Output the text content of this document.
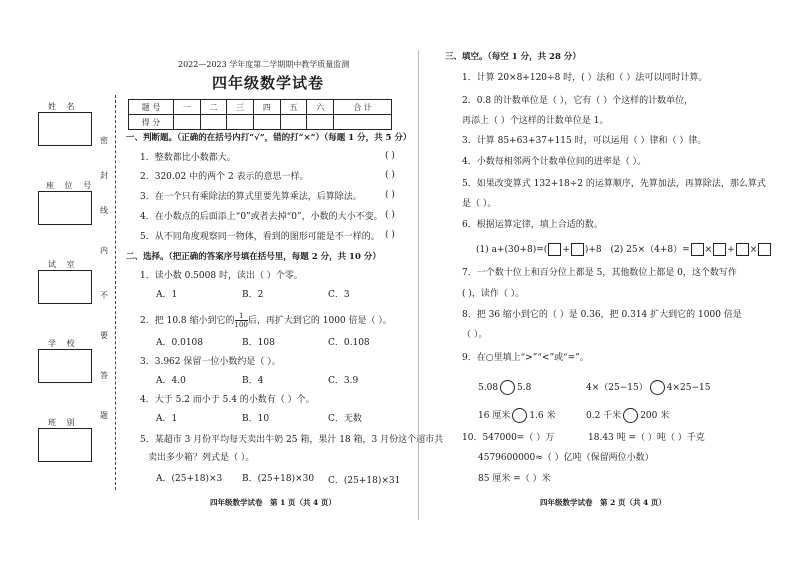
姓 名
座 位 号
试 室
学 校
班 别
密
封
线
内
不
要
答
题
2022—2023 学年度第二学期期中教学质量监测
四年级数学试卷
题 号	一	二	三	四	五	六	合 计
得 分							
一、判断题。（正确的在括号内打“√”，错的打“×”）（每题 1 分，共 5 分）
1．整数都比小数都大。	( )
2．320.02 中的两个 2 表示的意思一样。	( )
3．在一个只有乘除法的算式里要先算乘法，后算除法。	( )
4．在小数点的后面添上“0”或者去掉“0”，小数的大小不变。 ( )
5．从不同角度观察同一物体，看到的图形可能是不一样的。 ( )
二、选择。（把正确的答案序号填在括号里，每题 2 分，共 10 分）
1．读小数 0.5008 时，读出（ ）个零。
A．1	B．2	C．3
2．把 10.8 缩小到它的 $\frac{1}{100}$ 后，再扩大到它的 1000 倍是（ ）。
A．0.0108	B．108	C．0.108
3．3.962 保留一位小数约是（ ）。
A．4.0	B．4	C．3.9
4．大于 5.2 而小于 5.4 的小数有（ ）个。
A．1	B．10	C．无数
5．某超市 3 月份平均每天卖出牛奶 25 箱，果汁 18 箱，3 月份这个超市共
卖出多少箱？列式是（ ）。
A．(25+18)×3 B．(25+18)×30 C．(25+18)×31
四年级数学试卷　第 1 页（共 4 页）
三、填空。（每空 1 分，共 28 分）
1．计算 20×8+120÷8 时，( ）法和（ ）法可以同时计算。
2．0.8 的计数单位是（ ），它有（ ）个这样的计数单位，
再添上（ ）个这样的计数单位是 1。
3．计算 85+63+37+115 时，可以运用（ ）律和（ ）律。
4．小数每相邻两个计数单位间的进率是（ ）。
5．如果改变算式 132+18÷2 的运算顺序，先算加法，再算除法，那么算式
是（ ）。
6．根据运算定律，填上合适的数。
(1) a+(30+8)=( + )+8 (2) 25×（4+8）= × + ×
7．一个数十位上和百分位上都是 5，其他数位上都是 0，这个数写作
( )，读作（ ）。
8．把 36 缩小到它的（ ）是 0.36，把 0.314 扩大到它的 1000 倍是
（ ）。
9．在○里填上“>”“<”或“=”。
5.08 5.8	4×（25−15） 4×25−15
16 厘米 1.6 米	0.2 千米 200 米
10．547000=（ ）万	18.43 吨 =（ ）吨（ ）千克
4579600000≈（ ）亿吨（保留两位小数）
85 厘米 =（ ）米
四年级数学试卷　第 2 页（共 4 页）
